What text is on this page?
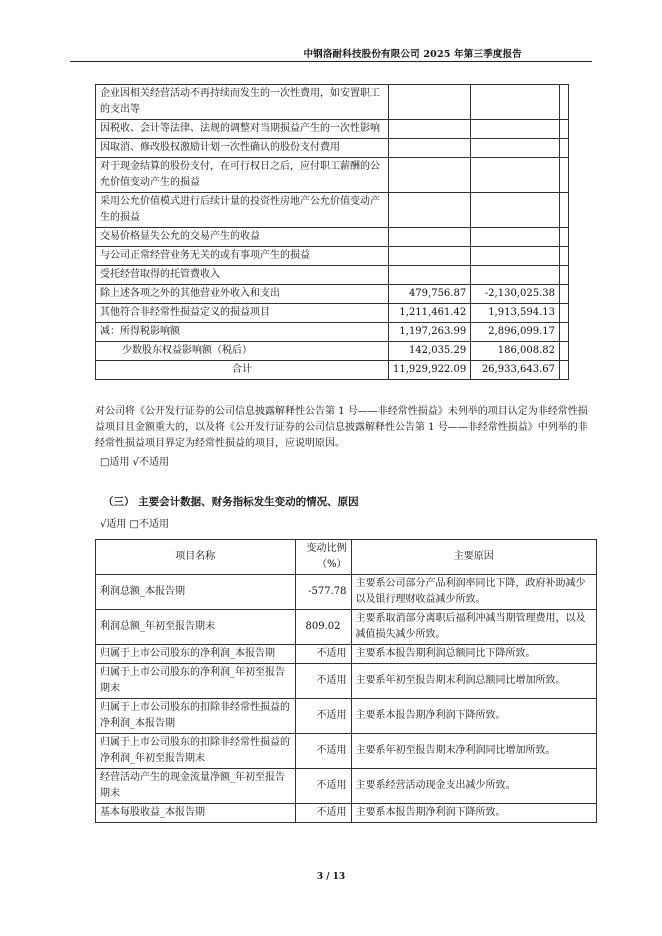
中钢洛耐科技股份有限公司 2025 年第三季度报告
企业因相关经营活动不再持续而发生的一次性费用，如安置职工的支出等			
因税收、会计等法律、法规的调整对当期损益产生的一次性影响			
因取消、修改股权激励计划一次性确认的股份支付费用			
对于现金结算的股份支付，在可行权日之后，应付职工薪酬的公允价值变动产生的损益			
采用公允价值模式进行后续计量的投资性房地产公允价值变动产生的损益			
交易价格显失公允的交易产生的收益			
与公司正常经营业务无关的或有事项产生的损益			
受托经营取得的托管费收入			
除上述各项之外的其他营业外收入和支出	479,756.87	-2,130,025.38	
其他符合非经常性损益定义的损益项目	1,211,461.42	1,913,594.13	
减：所得税影响额	1,197,263.99	2,896,099.17	
少数股东权益影响额（税后）	142,035.29	186,008.82	
合计	11,929,922.09	26,933,643.67	
对公司将《公开发行证券的公司信息披露解释性公告第 1 号——非经常性损益》未列举的项目认定为非经常性损益项目且金额重大的，以及将《公开发行证券的公司信息披露解释性公告第 1 号——非经常性损益》中列举的非经常性损益项目界定为经常性损益的项目，应说明原因。
□适用 √不适用
（三） 主要会计数据、财务指标发生变动的情况、原因
√适用 □不适用
项目名称	变动比例（%）	主要原因
利润总额_本报告期	-577.78	主要系公司部分产品利润率同比下降，政府补助减少以及银行理财收益减少所致。
利润总额_年初至报告期末	809.02	主要系取消部分离职后福利冲减当期管理费用，以及减值损失减少所致。
归属于上市公司股东的净利润_本报告期	不适用	主要系本报告期利润总额同比下降所致。
归属于上市公司股东的净利润_年初至报告期末	不适用	主要系年初至报告期末利润总额同比增加所致。
归属于上市公司股东的扣除非经常性损益的净利润_本报告期	不适用	主要系本报告期净利润下降所致。
归属于上市公司股东的扣除非经常性损益的净利润_年初至报告期末	不适用	主要系年初至报告期末净利润同比增加所致。
经营活动产生的现金流量净额_年初至报告期末	不适用	主要系经营活动现金支出减少所致。
基本每股收益_本报告期	不适用	主要系本报告期净利润下降所致。
3 / 13
